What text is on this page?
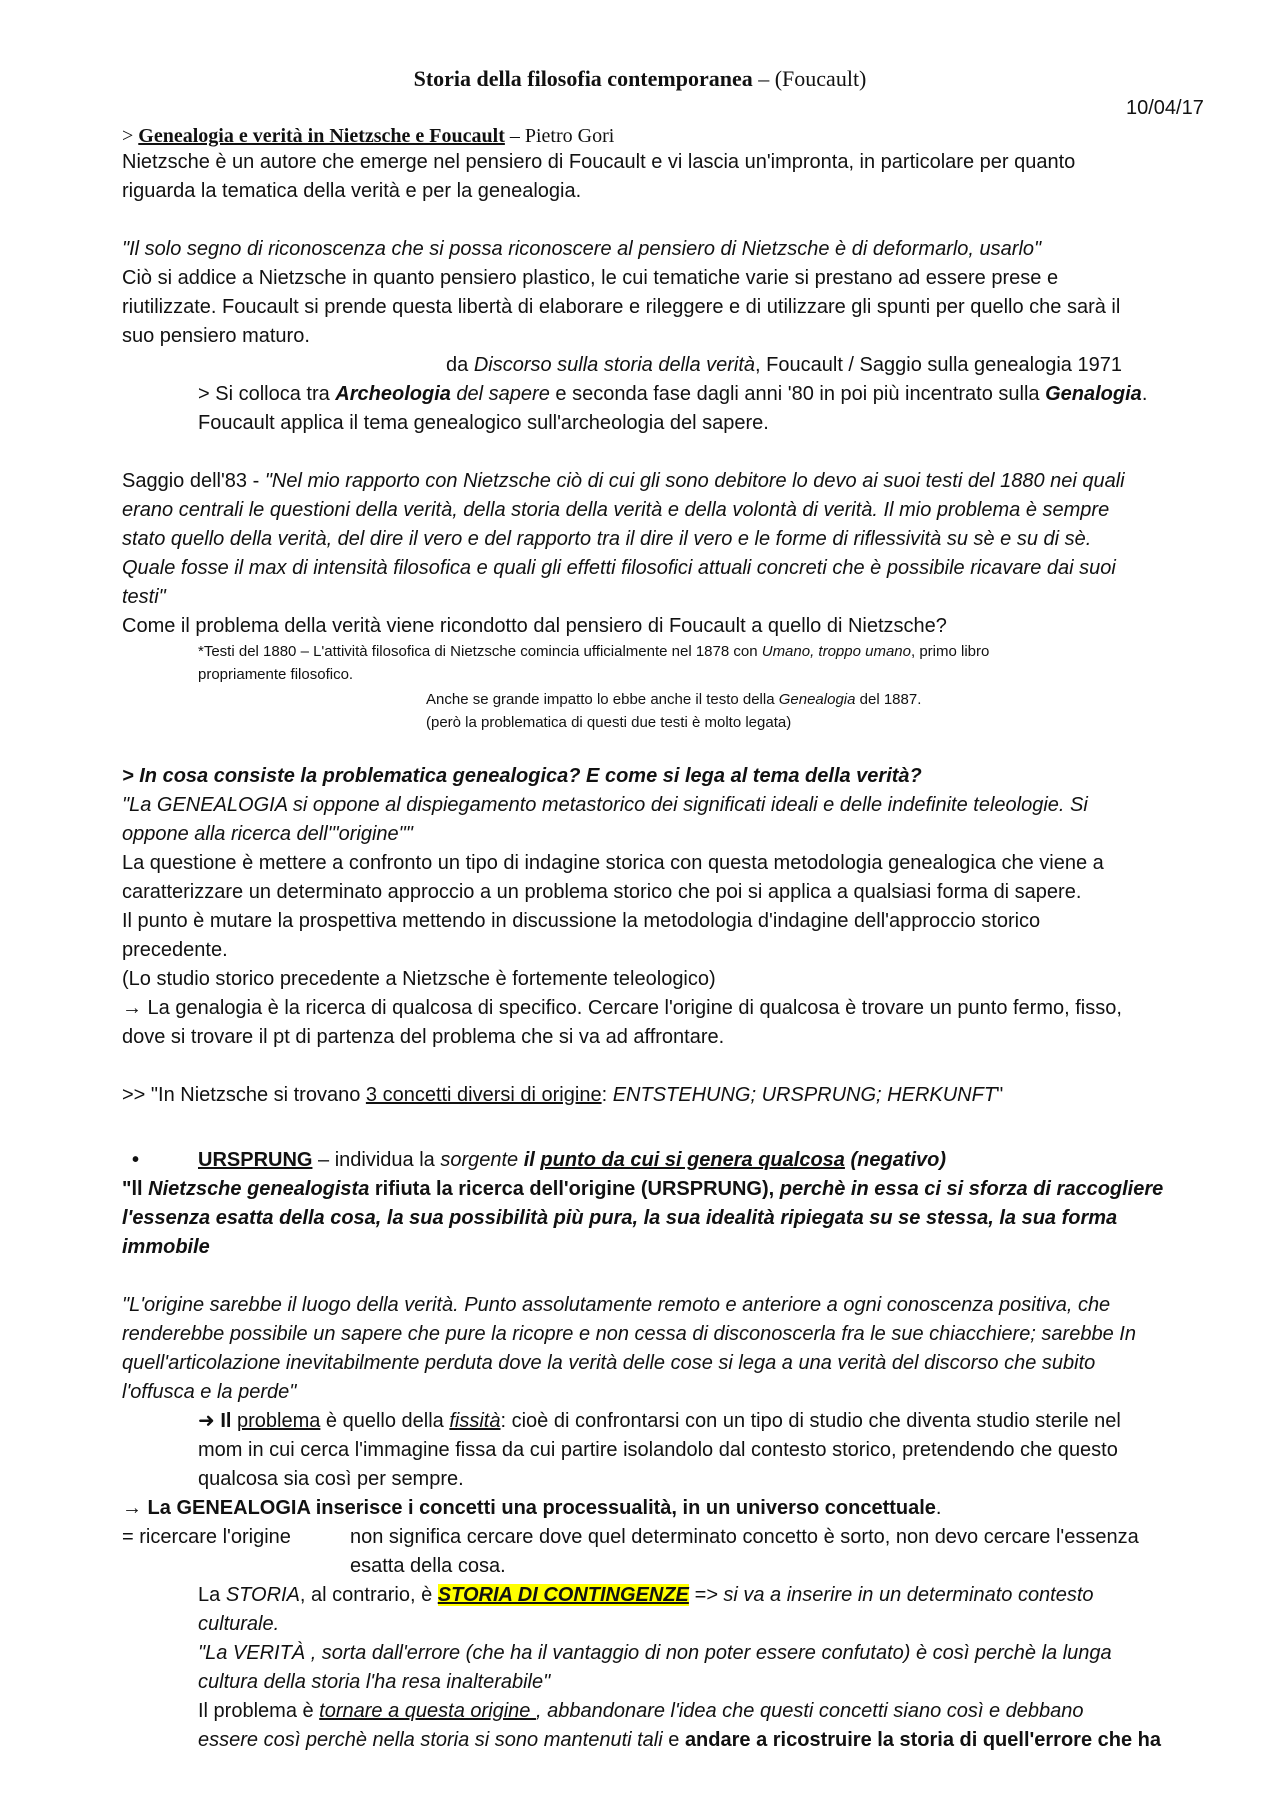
Storia della filosofia contemporanea – (Foucault)
10/04/17
> Genealogia e verità in Nietzsche e Foucault – Pietro Gori
Nietzsche è un autore che emerge nel pensiero di Foucault e vi lascia un'impronta, in particolare per quanto
riguarda la tematica della verità e per la genealogia.
"Il solo segno di riconoscenza che si possa riconoscere al pensiero di Nietzsche è di deformarlo, usarlo"
Ciò si addice a Nietzsche in quanto pensiero plastico, le cui tematiche varie si prestano ad essere prese e
riutilizzate. Foucault si prende questa libertà di elaborare e rileggere e di utilizzare gli spunti per quello che sarà il
suo pensiero maturo.
da Discorso sulla storia della verità, Foucault / Saggio sulla genealogia 1971
> Si colloca tra Archeologia del sapere e seconda fase dagli anni '80 in poi più incentrato sulla Genalogia.
Foucault applica il tema genealogico sull'archeologia del sapere.
Saggio dell'83 - "Nel mio rapporto con Nietzsche ciò di cui gli sono debitore lo devo ai suoi testi del 1880 nei quali
erano centrali le questioni della verità, della storia della verità e della volontà di verità. Il mio problema è sempre
stato quello della verità, del dire il vero e del rapporto tra il dire il vero e le forme di riflessività su sè e su di sè.
Quale fosse il max di intensità filosofica e quali gli effetti filosofici attuali concreti che è possibile ricavare dai suoi
testi"
Come il problema della verità viene ricondotto dal pensiero di Foucault a quello di Nietzsche?
*Testi del 1880 – L'attività filosofica di Nietzsche comincia ufficialmente nel 1878 con Umano, troppo umano, primo libro
propriamente filosofico.
Anche se grande impatto lo ebbe anche il testo della Genealogia del 1887.
(però la problematica di questi due testi è molto legata)
> In cosa consiste la problematica genealogica? E come si lega al tema della verità?
"La GENEALOGIA si oppone al dispiegamento metastorico dei significati ideali e delle indefinite teleologie. Si
oppone alla ricerca dell'"origine""
La questione è mettere a confronto un tipo di indagine storica con questa metodologia genealogica che viene a
caratterizzare un determinato approccio a un problema storico che poi si applica a qualsiasi forma di sapere.
Il punto è mutare la prospettiva mettendo in discussione la metodologia d'indagine dell'approccio storico
precedente.
(Lo studio storico precedente a Nietzsche è fortemente teleologico)
→ La genalogia è la ricerca di qualcosa di specifico. Cercare l'origine di qualcosa è trovare un punto fermo, fisso,
dove si trovare il pt di partenza del problema che si va ad affrontare.
>> "In Nietzsche si trovano 3 concetti diversi di origine: ENTSTEHUNG; URSPRUNG; HERKUNFT"
•	URSPRUNG – individua la sorgente il punto da cui si genera qualcosa (negativo)
"ll Nietzsche genealogista rifiuta la ricerca dell'origine (URSPRUNG), perchè in essa ci si sforza di raccogliere
l'essenza esatta della cosa, la sua possibilità più pura, la sua idealità ripiegata su se stessa, la sua forma
immobile
"L'origine sarebbe il luogo della verità. Punto assolutamente remoto e anteriore a ogni conoscenza positiva, che
renderebbe possibile un sapere che pure la ricopre e non cessa di disconoscerla fra le sue chiacchiere; sarebbe In
quell'articolazione inevitabilmente perduta dove la verità delle cose si lega a una verità del discorso che subito
l'offusca e la perde"
➜ Il problema è quello della fissità: cioè di confrontarsi con un tipo di studio che diventa studio sterile nel
mom in cui cerca l'immagine fissa da cui partire isolandolo dal contesto storico, pretendendo che questo
qualcosa sia così per sempre.
→ La GENEALOGIA inserisce i concetti una processualità, in un universo concettuale.
= ricercare l'origine	non significa cercare dove quel determinato concetto è sorto, non devo cercare l'essenza
esatta della cosa.
La STORIA, al contrario, è STORIA DI CONTINGENZE => si va a inserire in un determinato contesto
culturale.
"La VERITÀ , sorta dall'errore (che ha il vantaggio di non poter essere confutato) è così perchè la lunga
cultura della storia l'ha resa inalterabile"
Il problema è tornare a questa origine , abbandonare l'idea che questi concetti siano così e debbano
essere così perchè nella storia si sono mantenuti tali e andare a ricostruire la storia di quell'errore che ha
